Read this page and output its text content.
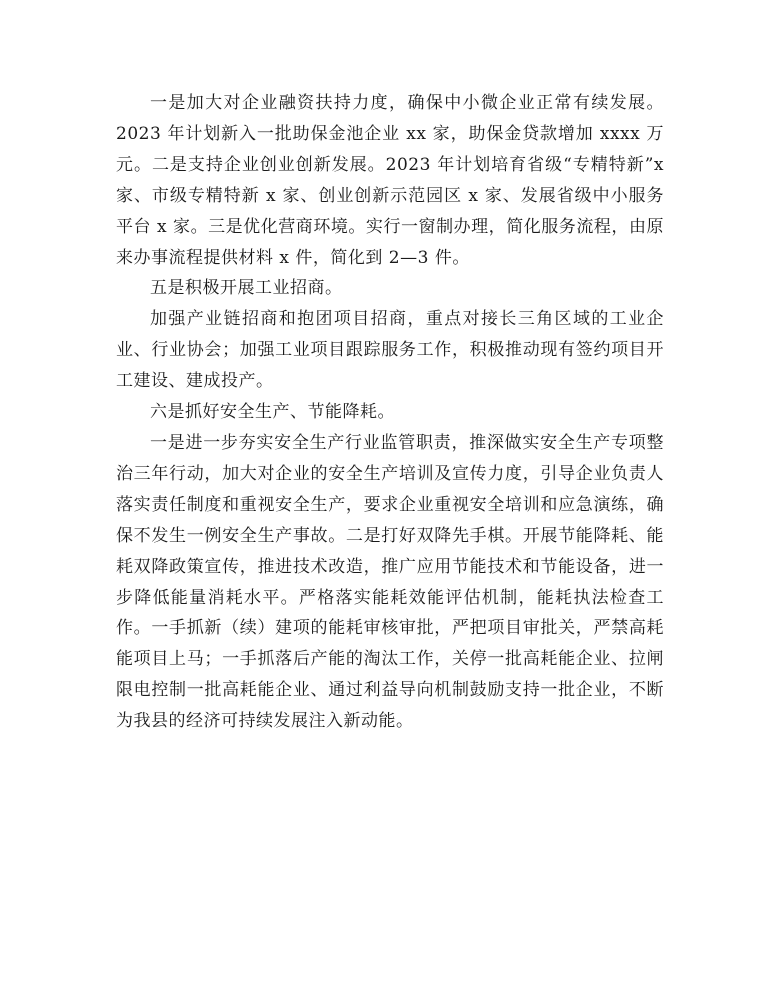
一是加大对企业融资扶持力度，确保中小微企业正常有续发展。2023 年计划新入一批助保金池企业 xx 家，助保金贷款增加 xxxx 万元。二是支持企业创业创新发展。2023 年计划培育省级“专精特新”x 家、市级专精特新 x 家、创业创新示范园区 x 家、发展省级中小服务平台 x 家。三是优化营商环境。实行一窗制办理，简化服务流程，由原来办事流程提供材料 x 件，简化到 2—3 件。

五是积极开展工业招商。

加强产业链招商和抱团项目招商，重点对接长三角区域的工业企业、行业协会；加强工业项目跟踪服务工作，积极推动现有签约项目开工建设、建成投产。

六是抓好安全生产、节能降耗。

一是进一步夯实安全生产行业监管职责，推深做实安全生产专项整治三年行动，加大对企业的安全生产培训及宣传力度，引导企业负责人落实责任制度和重视安全生产，要求企业重视安全培训和应急演练，确保不发生一例安全生产事故。二是打好双降先手棋。开展节能降耗、能耗双降政策宣传，推进技术改造，推广应用节能技术和节能设备，进一步降低能量消耗水平。严格落实能耗效能评估机制，能耗执法检查工作。一手抓新（续）建项的能耗审核审批，严把项目审批关，严禁高耗能项目上马；一手抓落后产能的淘汰工作，关停一批高耗能企业、拉闸限电控制一批高耗能企业、通过利益导向机制鼓励支持一批企业，不断为我县的经济可持续发展注入新动能。
